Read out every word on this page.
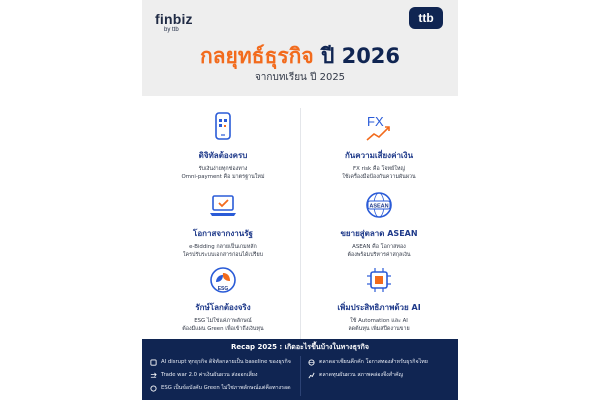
finbiz
by ttb
ttb
กลยุทธ์ธุรกิจ ปี 2026
จากบทเรียน ปี 2025
ดิจิทัลต้องครบ
รับเงินง่ายทุกช่องทาง
Omni-payment คือ มาตรฐานใหม่
FX
กันความเสี่ยงค่าเงิน
FX risk คือ โจทย์ใหญ่
ใช้เครื่องมือป้องกันความผันผวน
โอกาสจากงานรัฐ
e-Bidding กลายเป็นเกมหลัก
ใครปรับระบบเอกสารก่อนได้เปรียบ
ASEAN
ขยายสู่ตลาด ASEAN
ASEAN คือ โอกาสทอง
ต้องพร้อมบริหารค่าสกุลเงิน
ESG
รักษ์โลกต้องจริง
ESG ไม่ใช่แค่ภาพลักษณ์
ต้องมีแผน Green เพื่อเข้าถึงเงินทุน
เพิ่มประสิทธิภาพด้วย AI
ใช้ Automation และ AI
ลดต้นทุน เพิ่มสปีดงานขาย
Recap 2025 : เกิดอะไรขึ้นบ้างในทางธุรกิจ
AI disrupt ทุกธุรกิจ ดิจิทัลกลายเป็น baseline ของธุรกิจ
Trade war 2.0 ค่าเงินผันผวน ส่งออกเสี่ยง
ESG เป็นข้อบังคับ Green ไม่ใช่ภาพลักษณ์แต่คือทางรอด
ตลาดอาเซียนคึกคัก โอกาสทองสำหรับธุรกิจไทย
ตลาดทุนผันผวน สภาพคล่องจึงสำคัญ
